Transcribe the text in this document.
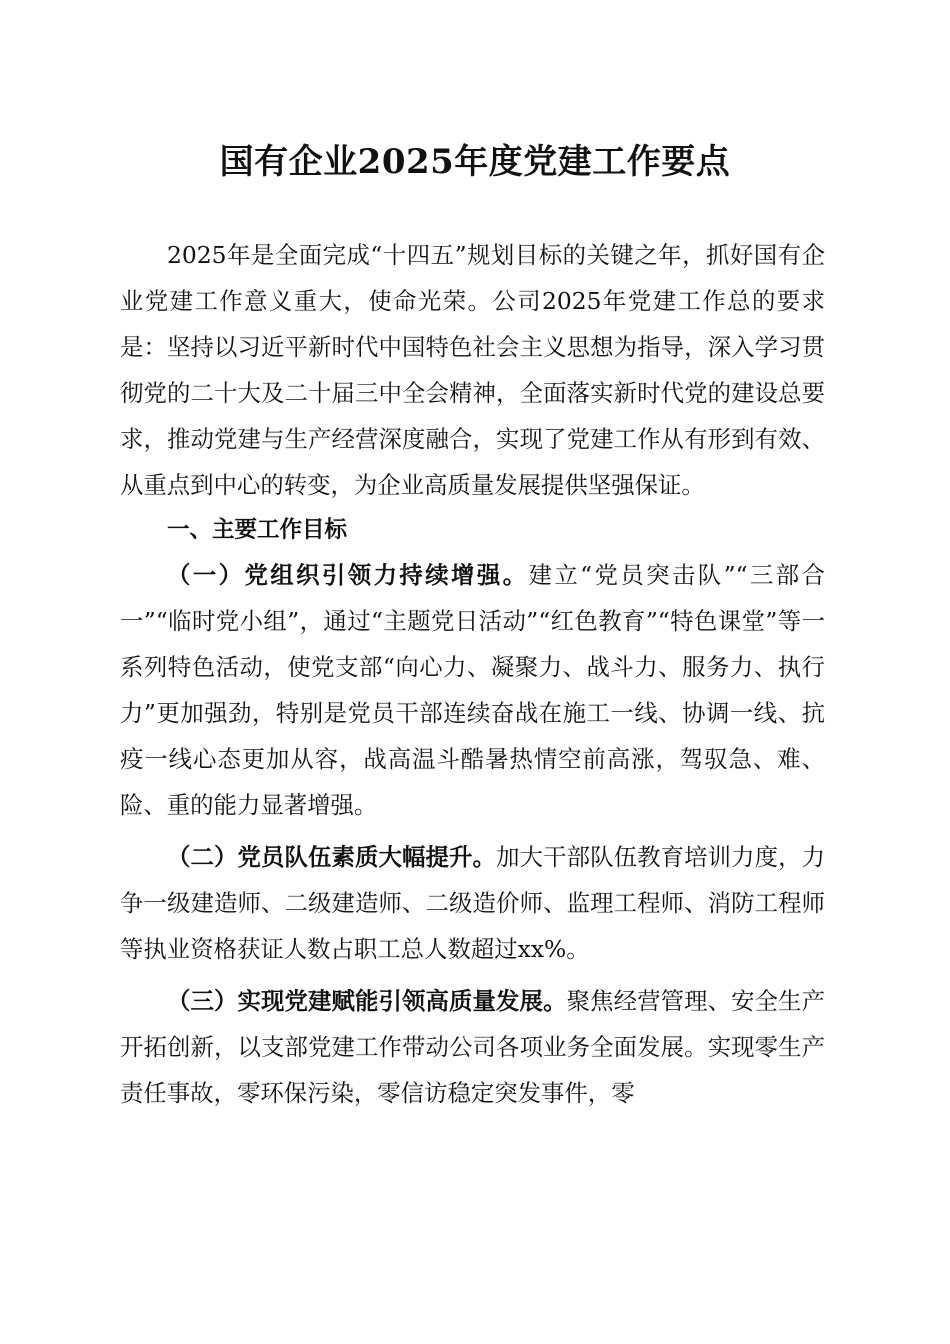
国有企业2025年度党建工作要点

2025年是全面完成“十四五”规划目标的关键之年，抓好国有企业党建工作意义重大，使命光荣。公司2025年党建工作总的要求是：坚持以习近平新时代中国特色社会主义思想为指导，深入学习贯彻党的二十大及二十届三中全会精神，全面落实新时代党的建设总要求，推动党建与生产经营深度融合，实现了党建工作从有形到有效、从重点到中心的转变，为企业高质量发展提供坚强保证。

一、主要工作目标

（一）党组织引领力持续增强。建立“党员突击队”“三部合一”“临时党小组”，通过“主题党日活动”“红色教育”“特色课堂”等一系列特色活动，使党支部“向心力、凝聚力、战斗力、服务力、执行力”更加强劲，特别是党员干部连续奋战在施工一线、协调一线、抗疫一线心态更加从容，战高温斗酷暑热情空前高涨，驾驭急、难、险、重的能力显著增强。

（二）党员队伍素质大幅提升。加大干部队伍教育培训力度，力争一级建造师、二级建造师、二级造价师、监理工程师、消防工程师等执业资格获证人数占职工总人数超过xx%。

（三）实现党建赋能引领高质量发展。聚焦经营管理、安全生产开拓创新，以支部党建工作带动公司各项业务全面发展。实现零生产责任事故，零环保污染，零信访稳定突发事件，零
